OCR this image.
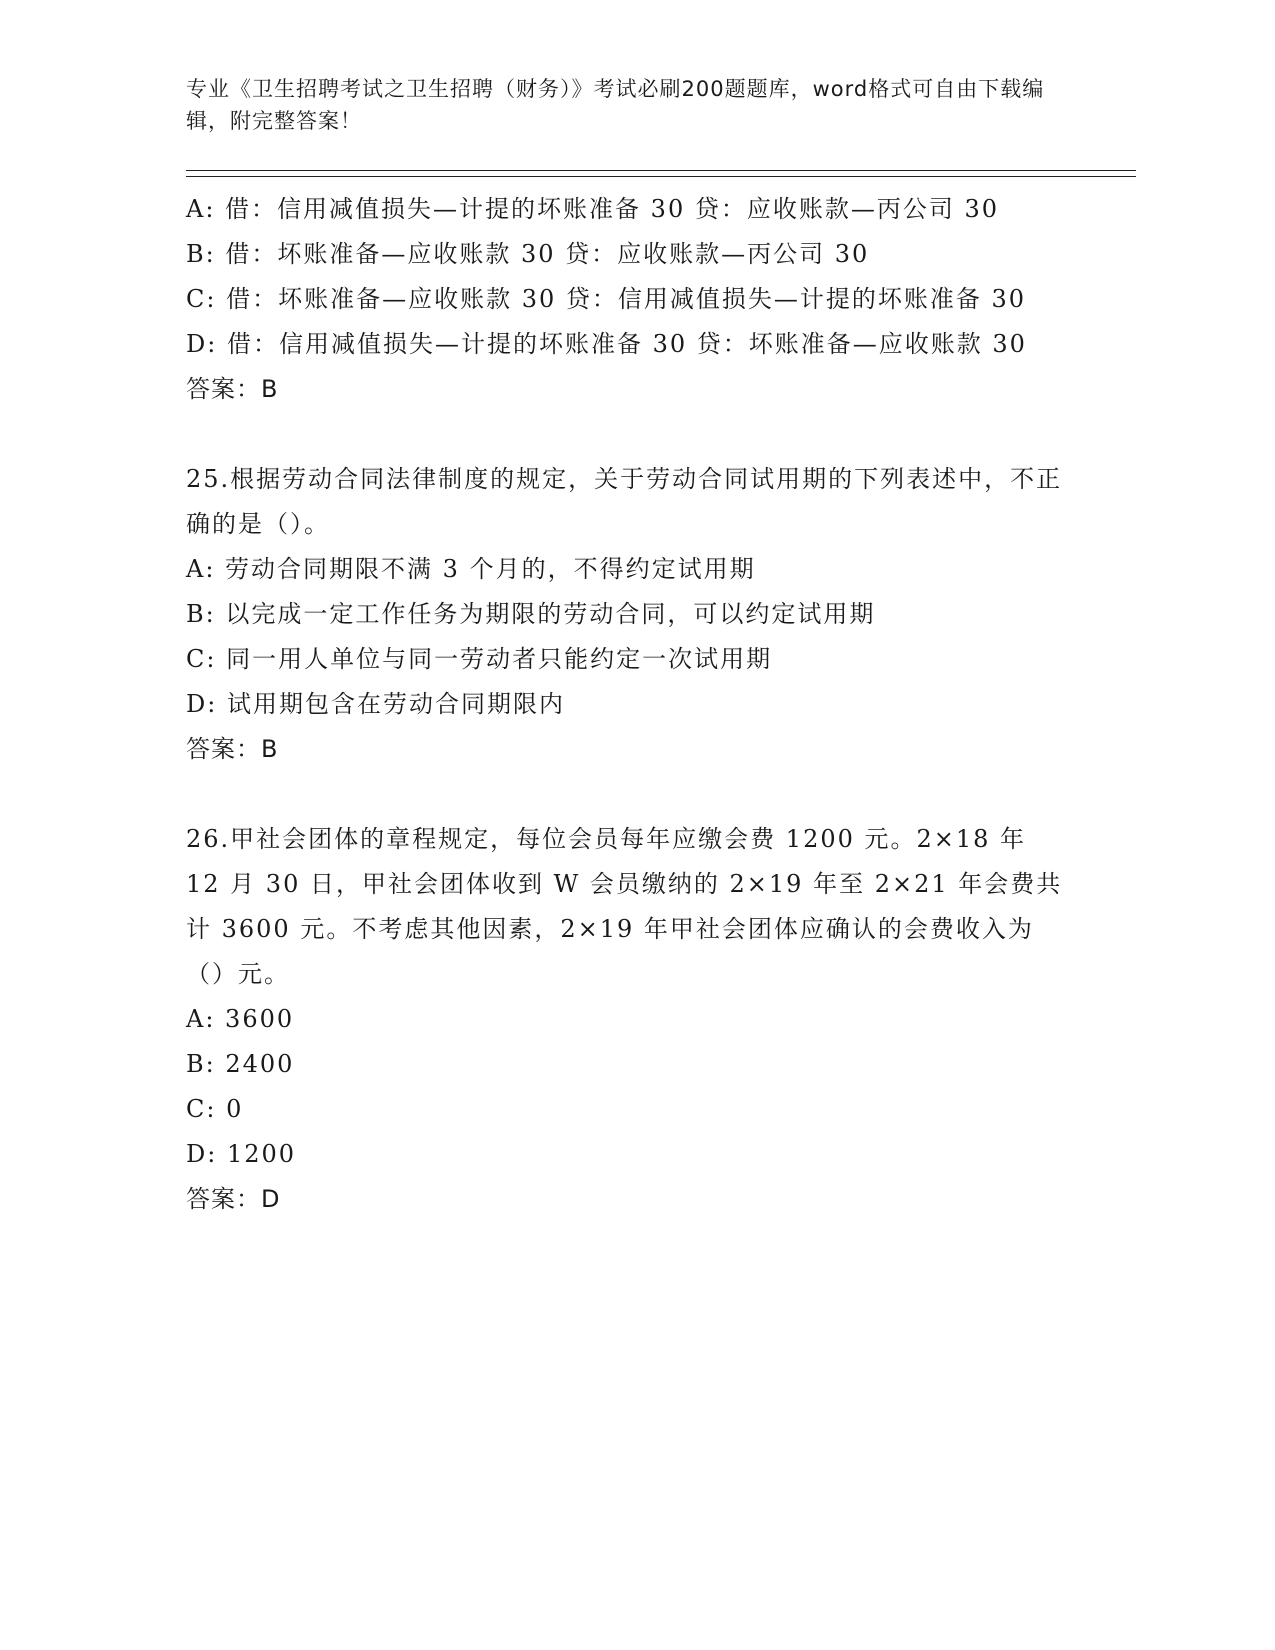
专业《卫生招聘考试之卫生招聘（财务）》考试必刷200题题库，word格式可自由下载编辑，附完整答案！
A: 借：信用减值损失—计提的坏账准备 30 贷：应收账款—丙公司 30
B: 借：坏账准备—应收账款 30 贷：应收账款—丙公司 30
C: 借：坏账准备—应收账款 30 贷：信用减值损失—计提的坏账准备 30
D: 借：信用减值损失—计提的坏账准备 30 贷：坏账准备—应收账款 30
答案：B
25.根据劳动合同法律制度的规定，关于劳动合同试用期的下列表述中，不正确的是（）。
A: 劳动合同期限不满 3 个月的，不得约定试用期
B: 以完成一定工作任务为期限的劳动合同，可以约定试用期
C: 同一用人单位与同一劳动者只能约定一次试用期
D: 试用期包含在劳动合同期限内
答案：B
26.甲社会团体的章程规定，每位会员每年应缴会费 1200 元。2×18 年 12 月 30 日，甲社会团体收到 W 会员缴纳的 2×19 年至 2×21 年会费共计 3600 元。不考虑其他因素，2×19 年甲社会团体应确认的会费收入为（）元。
A: 3600
B: 2400
C: 0
D: 1200
答案：D
